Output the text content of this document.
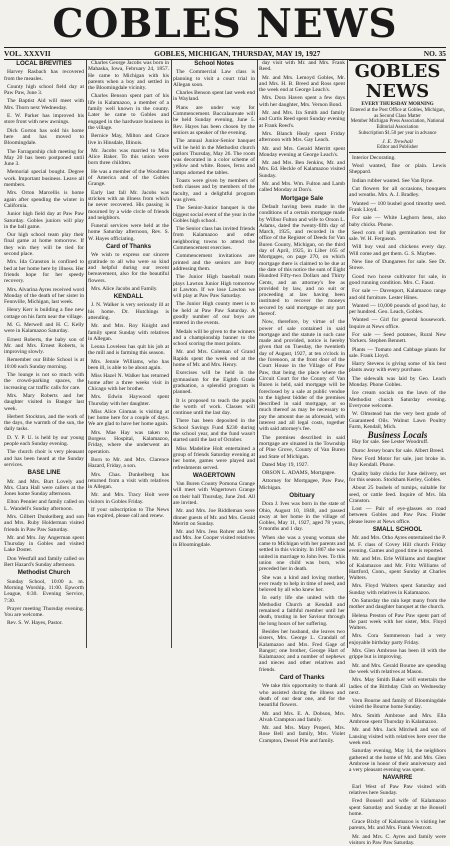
COBLES NEWS
VOL. XXXVII	GOBLES, MICHIGAN, THURSDAY, MAY 19, 1927	NO. 35
LOCAL BREVITIES

Harvey Rasbach has recovered from the measles.

County high school field day at Paw Paw, June 3.

The Baptist Aid will meet with Mrs. Thorn next Wednesday.

E. W. Parker has improved his store front with new awnings.

Dick Gorton has sold his home here and has moved to Bloomingdale.

The Farragutship club meeting for May 20 has been postponed until June 3.

Memorial special bought. Degree work. Important business. Leave all members.

Mrs. Orton Marcellis is home again after spending the winter in California.

Junior high field day at Paw Paw Saturday. Gobles juniors will play in the ball game.

Our high school team play their final game at home tomorrow. If they win they will be tied for second place.

Mrs. Ida Cranston is confined to bed at her home here by illness. Her friends hope for her speedy recovery.

Mrs. Alvarina Ayres received word Monday of the death of her sister in Fennville, Michigan, last week.

Henry Kerr is building a fine new cottage on his farm near the village.

M. G. Merwell and H. C. Kelly were in Kalamazoo Saturday.

Ernest Roberts, the baby son of Mr. and Mrs. Ernest Roberts, is improving slowly.

Remember our Bible School is at 10:00 each Sunday morning.

The lounge is not so much with the crowd-parking spaces, the increasing car traffic calls for care.

Mrs. Mary Roberts and her daughter visited in Bangor last week.

Herbert Stockton, and the work of the days, the warmth of the sun, the daily tasks.

D. Y. P. U. is held by our young people each Sunday evening.

The church choir is very pleasant and has been heard at the Sunday services.

BASE LINE

Mr. and Mrs. Burt Lovely and Mrs. Clara Hall were callers at the Jones home Sunday afternoon.

Elton Pennier and family called on L. Wandell's Sunday afternoon.

Mrs. Gilbert Dunkelberg and son and Mrs. Ruby Holderman visited friends in Paw Paw Saturday.

Mr. and Mrs. Jay Angerman spent Thursday in Gobles and visited Lake Doster.

Don Westfall and family called on Bert Hazard's Sunday afternoon.

Methodist Church

Sunday School, 10:00 a. m. Morning Worship, 11:00. Epworth League, 6:30. Evening Service, 7:30.

Prayer meeting Thursday evening. You are welcome.

Rev. S. W. Hayes, Pastor.

Charles George Jacobs was born in Mahaska, Iowa, February 24, 1857. He came to Michigan with his parents when a boy and settled in the Bloomingdale vicinity.

Charles Benson spent part of his life in Kalamazoo, a member of a family well known in the county. Later he came to Gobles and engaged in the hardware business in the village.

Bernice May, Milton and Grace live in Hinsdale, Illinois.

Mr. Jacobs was married to Miss Alice Baker. To this union were born three children.

He was a member of the Woodmen of America and of the Gobles Grange.

Early last fall Mr. Jacobs was stricken with an illness from which he never recovered. His passing is mourned by a wide circle of friends and neighbors.

Funeral services were held at the home Saturday afternoon, Rev. S. W. Hayes officiating.

Card of Thanks

We wish to express our sincere gratitude to all who were so kind and helpful during our recent bereavement, also for the beautiful flowers.

Mrs. Alice Jacobs and Family.

KENDALL

J. N. Walker is very seriously ill at his home. Dr. Hutchings is attending.

Mr. and Mrs. Roy Knight and family spent Sunday with relatives in Allegan.

Leona Loveless has quit his job at the mill and is farming this season.

Mrs. Jennie Williams, who has been ill, is able to be about again.

Miss Hazel N. Walker has returned home after a three weeks visit in Chicago with her brother.

Mrs. Edwin Haywood spent Thursday with her daughter.

Miss Alice Ginman is visiting at her home here for a couple of days. We are glad to have her home again.

Mrs. Mae Hay was taken to Borgess Hospital, Kalamazoo, Friday, where she underwent an operation.

Born to Mr. and Mrs. Clarence Hazard, Friday, a son.

Mrs. Chas. Dunkelberg has returned from a visit with relatives in Allegan.

Mr. and Mrs. Tracy Holt were visitors in Gobles Friday.

If your subscription to The News has expired, please call and renew.

School Notes

The Commercial Law class is planning to visit a court trial in Allegan soon.

Charles Benson spent last week end in Wayland.

Plans are under way for Commencement. Baccalaureate will be held Sunday evening, June 5. Rev. Hayes has been chosen by the seniors as speaker of the evening.

The annual Junior-Senior banquet will be held in the Methodist church parlors Thursday, May 26. The room was decorated in a color scheme of yellow and white. Roses, ferns and lamps adorned the tables.

Toasts were given by members of both classes and by members of the faculty, and a delightful program was given.

The Senior-Junior banquet is the biggest social event of the year in the Gobles high school.

The Senior class has invited friends from Kalamazoo and other neighboring towns to attend the Commencement exercises.

Commencement invitations are printed and the seniors are busy addressing them.

The Junior High baseball team plays Lawton Junior High tomorrow at Lawton. If we lose Lawton we will play at Paw Paw Saturday.

The Junior High county meet is to be held at Paw Paw Saturday. A goodly number of our boys are entered in the events.

Medals will be given to the winners and a championship banner to the school scoring the most points.

Mr. and Mrs. Coleman of Grand Rapids spent the week end at the home of Mr. and Mrs. Henry.

Exercises will be held in the gymnasium for the Eighth Grade graduation, a splendid program is planned.

It is proposed to teach the pupils the worth of work. Classes will continue until the last day.

There has been deposited in the School Savings Fund $230 during the school year, and the fund wasn't started until the last of October.

Miss Madeline Holt entertained a group of friends Saturday evening at her home, games were played and refreshments served.

WAGERTOWN

Van Buren County Pomona Grange will meet with Wagertown Grange on their hall Thursday, June 2nd. All are invited.

Mr. and Mrs. Joe Riddleman were dinner guests of Mr. and Mrs. Gerald Merritt on Sunday.

Mr. and Mrs. Jess Rohrer and Mr. and Mrs. Joe Cooper visited relatives in Bloomingdale.

day visit with Mr. and Mrs. Frank Reed.

Mr. and Mrs. Lemoyd Gobles, Mr. and Mrs. H. B. Breed and Ross spent the week end at George Leach's.

Mrs. Dora Haven spent a few days with her daughter, Mrs. Vernon Bond.

Mr. and Mrs. Ira Smith and family and Curtis Reed spent Sunday evening at Frank Reed's.

Mrs. Blanch Healy spent Friday afternoon with Mrs. Gay Leach.

Mr. and Mrs. Gerald Merritt spent Monday evening at George Leach's.

Mr. and Mrs. Ben Jenkins, Mr. and Mrs. Ed. Heckle of Kalamazoo visited Sunday.

Mr. and Mrs. Wm. Fulton and Lamb called Monday at Don's.

Mortgage Sale

Default having been made in the conditions of a certain mortgage made by Wilbur Fulton and wife to Orson L. Adams, dated the twenty-fifth day of March, 1925, and recorded in the office of the Register of Deeds for Van Buren County, Michigan, on the third day of April, 1925, in Liber 165 of Mortgages, on page 270, on which mortgage there is claimed to be due at the date of this notice the sum of Eight Hundred Fifty-two Dollars and Thirty Cents, and an attorney's fee as provided by law, and no suit or proceeding at law having been instituted to recover the moneys secured by said mortgage or any part thereof.

Now, therefore, by virtue of the power of sale contained in said mortgage and the statute in such case made and provided, notice is hereby given that on Tuesday, the twentieth day of August, 1927, at ten o'clock in the forenoon, at the front door of the Court House in the Village of Paw Paw, that being the place where the Circuit Court for the County of Van Buren is held, said mortgage will be foreclosed by a sale at public vendue to the highest bidder of the premises described in said mortgage, or so much thereof as may be necessary to pay the amount due as aforesaid, with interest and all legal costs, together with said attorney's fee.

The premises described in said mortgage are situated in the Township of Pine Grove, County of Van Buren and State of Michigan.

Dated May 19, 1927.

ORSON L. ADAMS, Mortgagee.

Attorney for Mortgagee, Paw Paw, Michigan.

Obituary

Dora J. Ives was born in the state of Ohio, August 10, 1848, and passed away at her home in the village of Gobles, May 11, 1927, aged 78 years, 9 months and 1 day.

When she was a young woman she came to Michigan with her parents and settled in this vicinity. In 1867 she was united in marriage to John Ives. To this union one child was born, who preceded her in death.

She was a kind and loving mother, ever ready to help in time of need, and beloved by all who knew her.

In early life she united with the Methodist Church at Kendall and remained a faithful member until her death, trusting in her Saviour through the long hours of her suffering.

Besides her husband, she leaves two sisters, Mrs. George L. Crandall of Kalamazoo and Mrs. Fred Gage of Bangor; one brother, George Hart of Kalamazoo; and a number of nephews and nieces and other relatives and friends.

Card of Thanks

We take this opportunity to thank all who assisted during the illness and death of our dear one, and for the beautiful flowers.

Mr. and Mrs. E. A. Dobson, Mrs. Alvah Crampton and family.

Mr. and Mrs. Mary Properi, Mrs. Rose Bell and family, Mrs. Violet Crampton, Dessel Pile and family.

GOBLES NEWS

EVERY THURSDAY MORNING

Entered at the Post Office at Gobles, Michigan, as Second Class Matter

Member Michigan Press Association, National Editorial Association

Subscription $1.50 per year in advance

J. E. Trewhall

Editor and Publisher

Interior Decorating.

Wool wanted, fine or plain. Lewis Sheppard.

Indian rubber wanted. See Van Ryne.

Cut flowers for all occasions, bouquets and wreaths. Mrs. A. J. Bradley.

Wanted — 100 bushel good timothy seed. Frank Lloyd.

For sale — White Leghorn hens, also baby chicks. Phone.

Seed corn of high germination test for sale. W. H. Ferguson.

Will buy veal and chickens every day. Will come and get them. G. S. Maybee.

New line of Dungarees for sale. See Dr. Stowe.

Good two horse cultivator for sale, in good running condition. Mrs. C. Faust.

For sale — Davenport, Kalamazoo range and old furniture. Lester Hines.

Wanted — 10,000 pounds of good hay, 4c per hundred. Geo. Leach, Gobles.

Wanted — Girl for general housework. Inquire at News office.

For sale — Seed potatoes, Rural New Yorkers. Stephen Bennett.

Plants — Tomato and Cabbage plants for sale. Frank Lloyd.

Harry Stevens is giving some of his best plants away with every purchase.

The sidewalk was laid by Geo. Leach Monday. Phone Gobles.

Ice cream socials on the lawn of the Methodist church Saturday evening. Everyone welcome.

W. Olmstead has the very best grade of Guaranteed Oils. Walnut Lawn Poultry Farm, Kendall, Mich.

Business Locals

Hay for sale. See Lester Woodruff.

Duroc Jersey boars for sale. Albert Breed.

New Ford Motor for sale, just broke in. Roy Kendall. Phone.

Quality baby chicks for June delivery, set for this season. Stockham Kerley, Gobles.

About 25 bushels of turnips, suitable for seed, or cattle feed. Inquire of Mrs. Ida Cranston.

Lost — Pair of eye-glasses on road between Gobles and Paw Paw. Finder please leave at News office.

SMALL SCHOOL

Mr. and Mrs. Otho Ayres entertained the P. M. F. class of Covey Hill church Friday evening. Games and good time is reported.

Mr. and Mrs. Erle Williams and daughter of Kalamazoo and Mr. Fritz Williams of Hartford, Conn., spent Sunday at Charles Walters.

Mrs. Floyd Walters spent Saturday and Sunday with relatives in Kalamazoo.

On Saturday the rain kept many from the mother and daughter banquet at the church.

Helena Preston of Paw Paw spent part of the past week with her sister, Mrs. Floyd Walters.

Mrs. Cora Summerson had a very enjoyable birthday party Friday.

Mrs. Glen Ambrose has been ill with the grippe but is improving.

Mr. and Mrs. Gerald Bourne are spending the week with relatives at Mason.

Mrs. May Smith Baker will entertain the ladies of the Birthday Club on Wednesday next.

Vern Bourne and family of Bloomingdale visited the Bourne home Sunday.

Mrs. Smith Ambrose and Mrs. Ella Ambrose spent Thursday in Kalamazoo.

Mr. and Mrs. Jack Mitchell and son of Lansing visited with relatives here over the week end.

Saturday evening, May 14, the neighbors gathered at the home of Mr. and Mrs. Glen Ambrose in honor of their anniversary and a very pleasant evening was spent.

NAVARRE

Earl West of Paw Paw visited with relatives here Sunday.

Fred Bonsell and wife of Kalamazoo spent Saturday and Sunday at the Bonsell home.

Grace Bixby of Kalamazoo is visiting her parents, Mr. and Mrs. Frank Westcott.

Mr. and Mrs. C. Ayres and family were visitors in Paw Paw Saturday.
